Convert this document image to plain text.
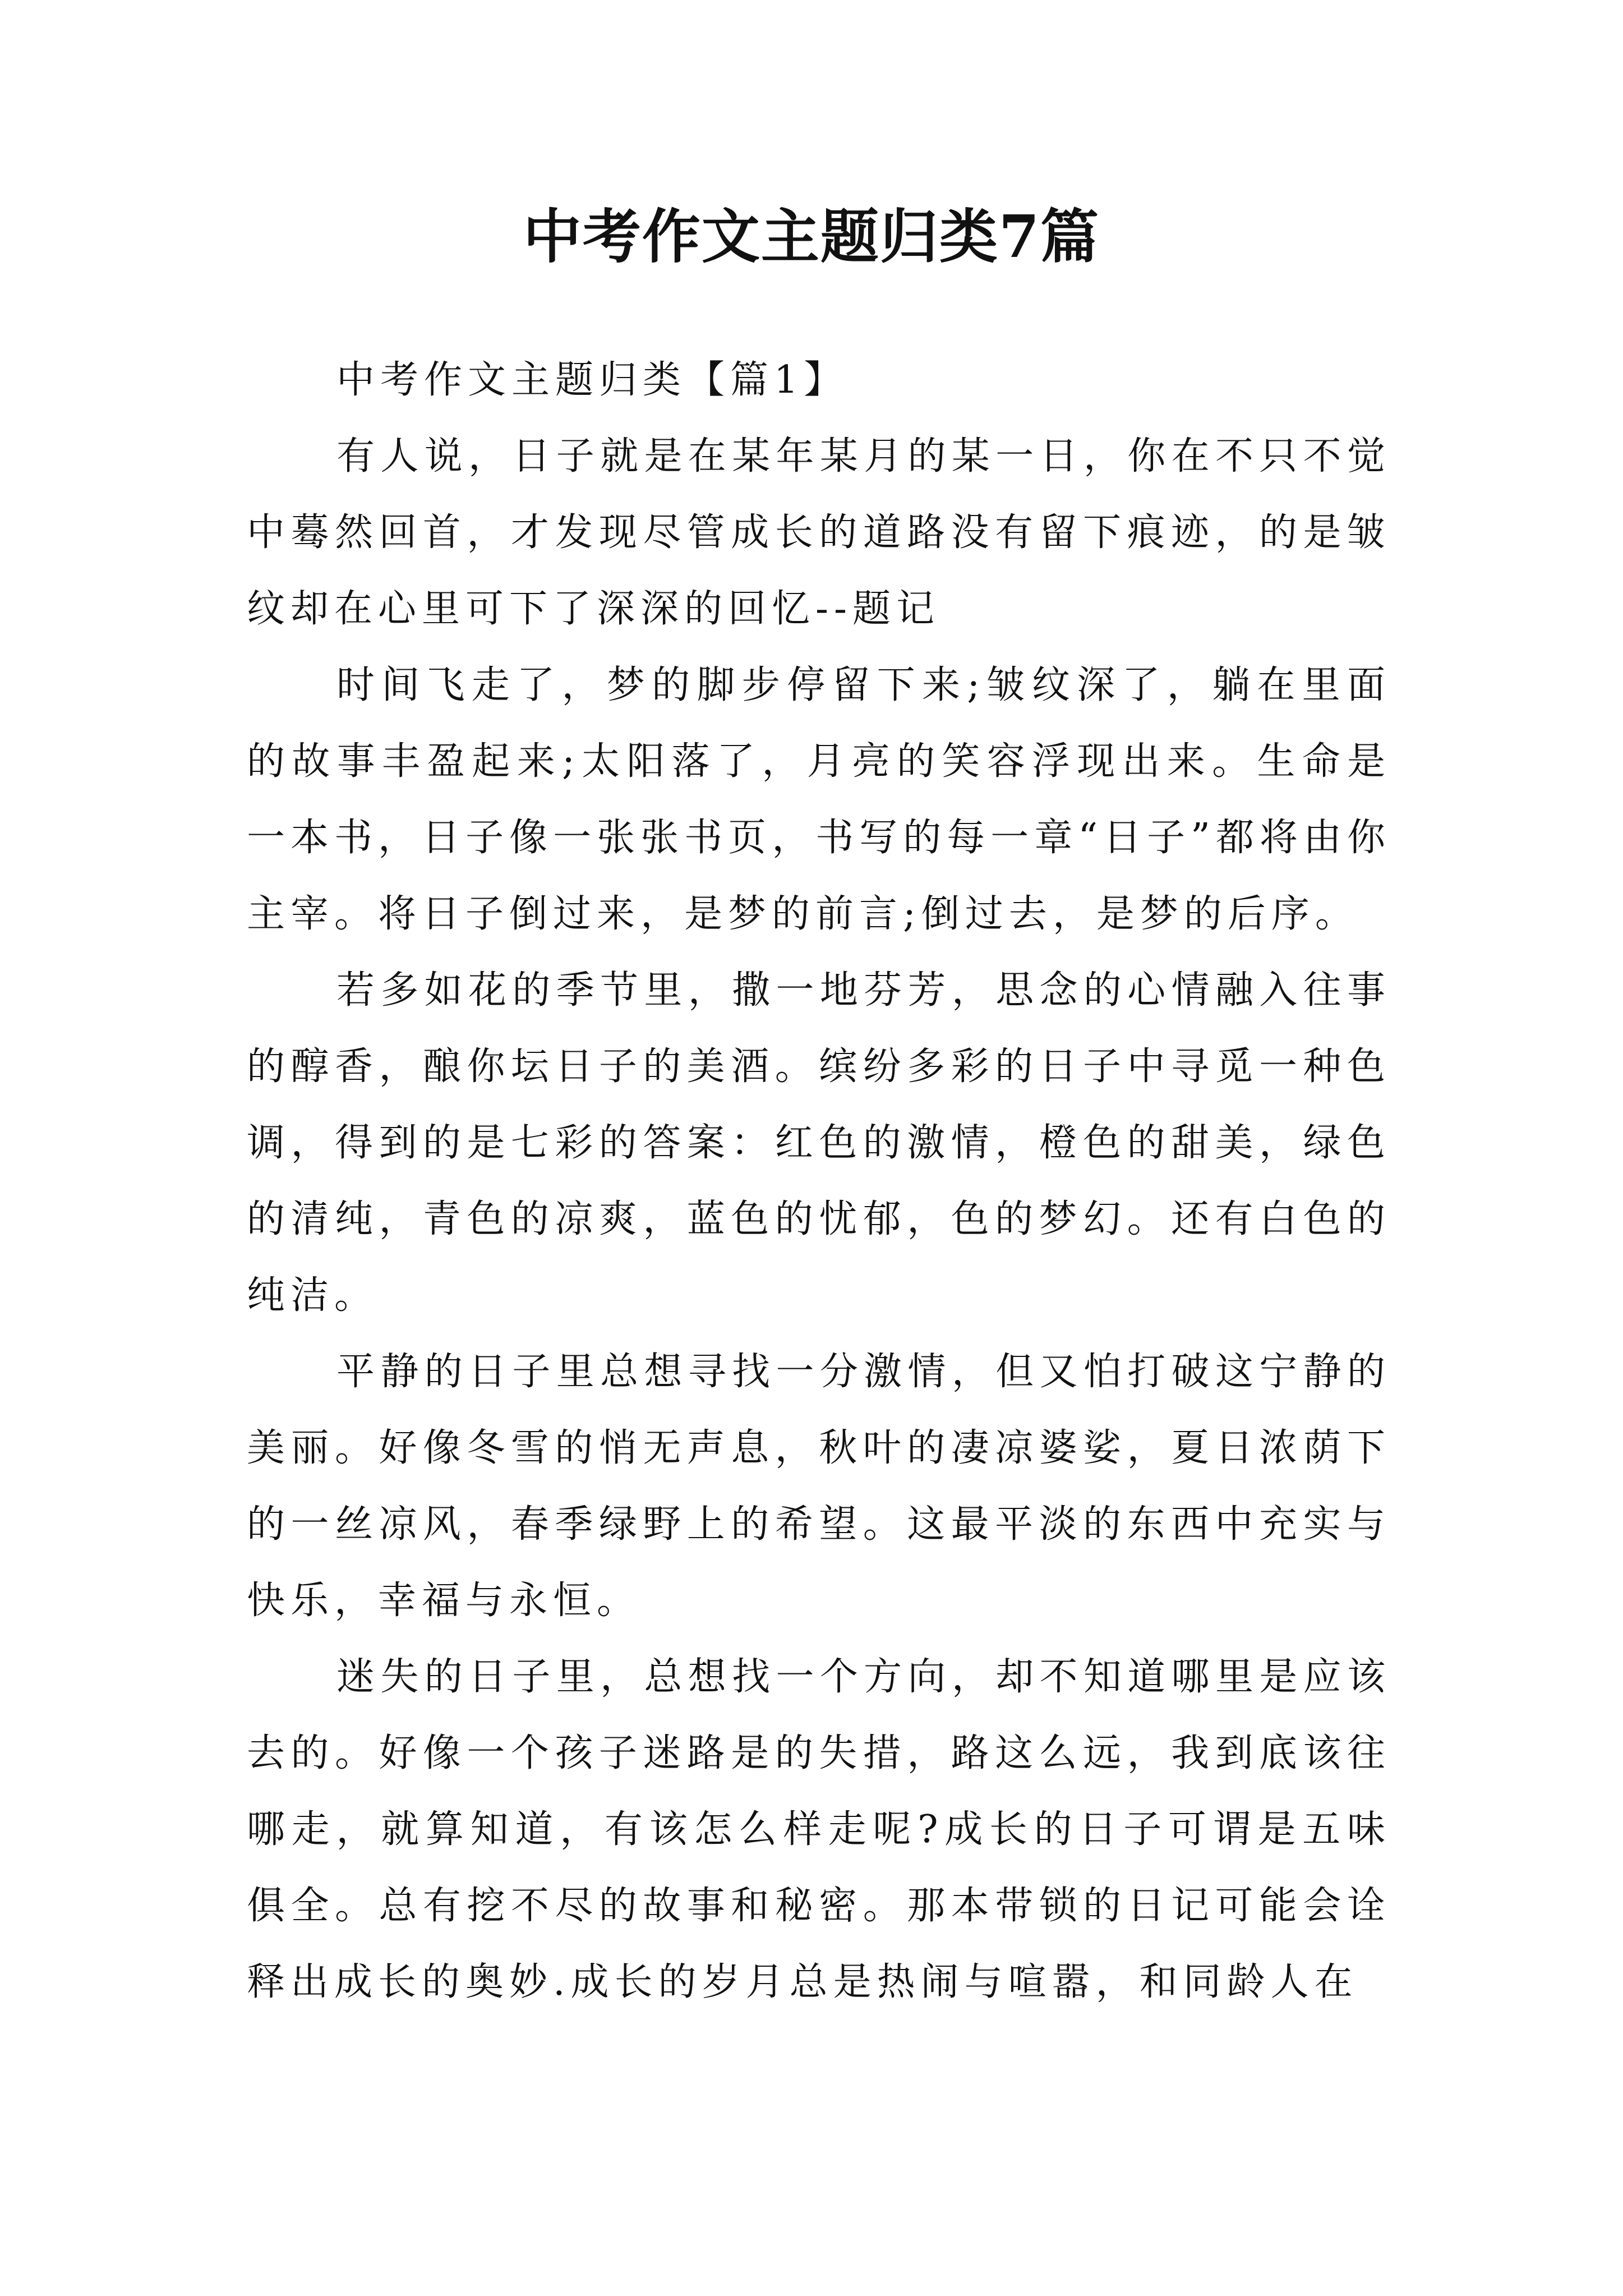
中考作文主题归类7篇

中考作文主题归类【篇1】

有人说，日子就是在某年某月的某一日，你在不只不觉中蓦然回首，才发现尽管成长的道路没有留下痕迹，的是皱纹却在心里可下了深深的回忆--题记

时间飞走了，梦的脚步停留下来;皱纹深了，躺在里面的故事丰盈起来;太阳落了，月亮的笑容浮现出来。生命是一本书，日子像一张张书页，书写的每一章“日子”都将由你主宰。将日子倒过来，是梦的前言;倒过去，是梦的后序。

若多如花的季节里，撒一地芬芳，思念的心情融入往事的醇香，酿你坛日子的美酒。缤纷多彩的日子中寻觅一种色调，得到的是七彩的答案：红色的激情，橙色的甜美，绿色的清纯，青色的凉爽，蓝色的忧郁，色的梦幻。还有白色的纯洁。

平静的日子里总想寻找一分激情，但又怕打破这宁静的美丽。好像冬雪的悄无声息，秋叶的凄凉婆娑，夏日浓荫下的一丝凉风，春季绿野上的希望。这最平淡的东西中充实与快乐，幸福与永恒。

迷失的日子里，总想找一个方向，却不知道哪里是应该去的。好像一个孩子迷路是的失措，路这么远，我到底该往哪走，就算知道，有该怎么样走呢?成长的日子可谓是五味俱全。总有挖不尽的故事和秘密。那本带锁的日记可能会诠释出成长的奥妙.成长的岁月总是热闹与喧嚣，和同龄人在
